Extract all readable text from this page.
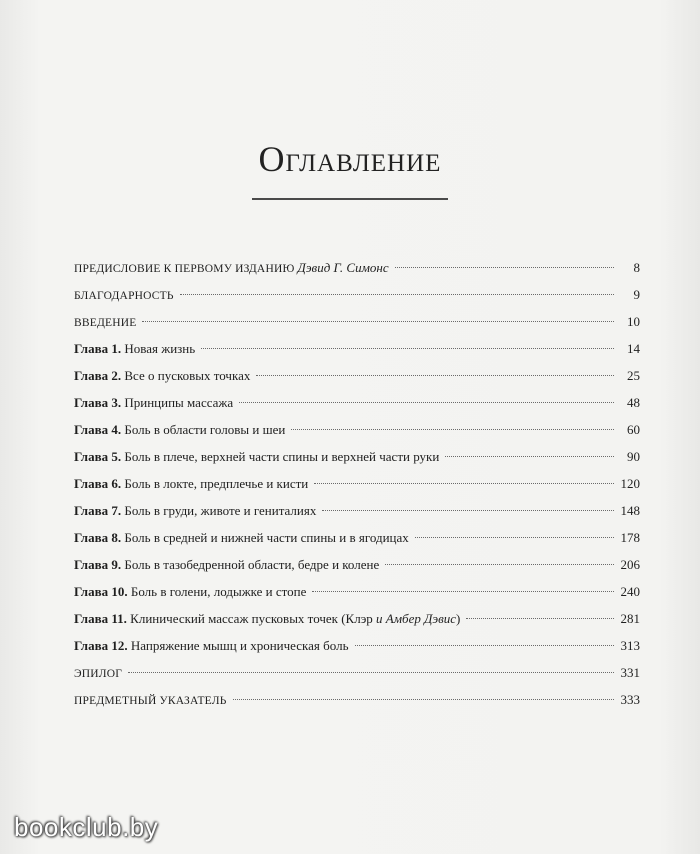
Оглавление
ПРЕДИСЛОВИЕ К ПЕРВОМУ ИЗДАНИЮ Дэвид Г. Симонс	8
БЛАГОДАРНОСТЬ	9
ВВЕДЕНИЕ	10
Глава 1. Новая жизнь	14
Глава 2. Все о пусковых точках	25
Глава 3. Принципы массажа	48
Глава 4. Боль в области головы и шеи	60
Глава 5. Боль в плече, верхней части спины и верхней части руки	90
Глава 6. Боль в локте, предплечье и кисти	120
Глава 7. Боль в груди, животе и гениталиях	148
Глава 8. Боль в средней и нижней части спины и в ягодицах	178
Глава 9. Боль в тазобедренной области, бедре и колене	206
Глава 10. Боль в голени, лодыжке и стопе	240
Глава 11. Клинический массаж пусковых точек (Клэр и Амбер Дэвис)	281
Глава 12. Напряжение мышц и хроническая боль	313
ЭПИЛОГ	331
ПРЕДМЕТНЫЙ УКАЗАТЕЛЬ	333
bookclub.by
